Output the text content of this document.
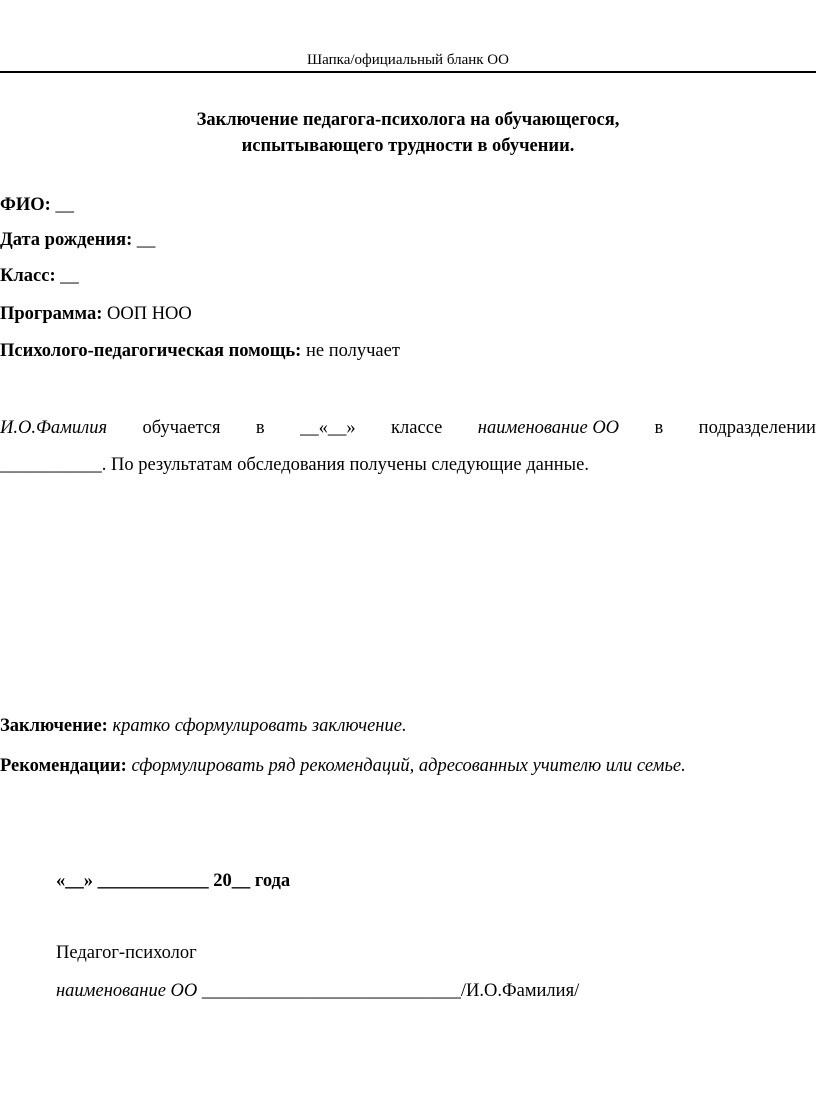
Шапка/официальный бланк ОО
Заключение педагога-психолога на обучающегося,
испытывающего трудности в обучении.
ФИО: __
Дата рождения: __
Класс: __
Программа: ООП НОО
Психолого-педагогическая помощь: не получает
И.О.Фамилия обучается в __«__» классе наименование ОО в подразделении
___________. По результатам обследования получены следующие данные.
Заключение: кратко сформулировать заключение.
Рекомендации: сформулировать ряд рекомендаций, адресованных учителю или семье.
«__» ____________ 20__ года
Педагог-психолог
наименование ОО ____________________________/И.О.Фамилия/
